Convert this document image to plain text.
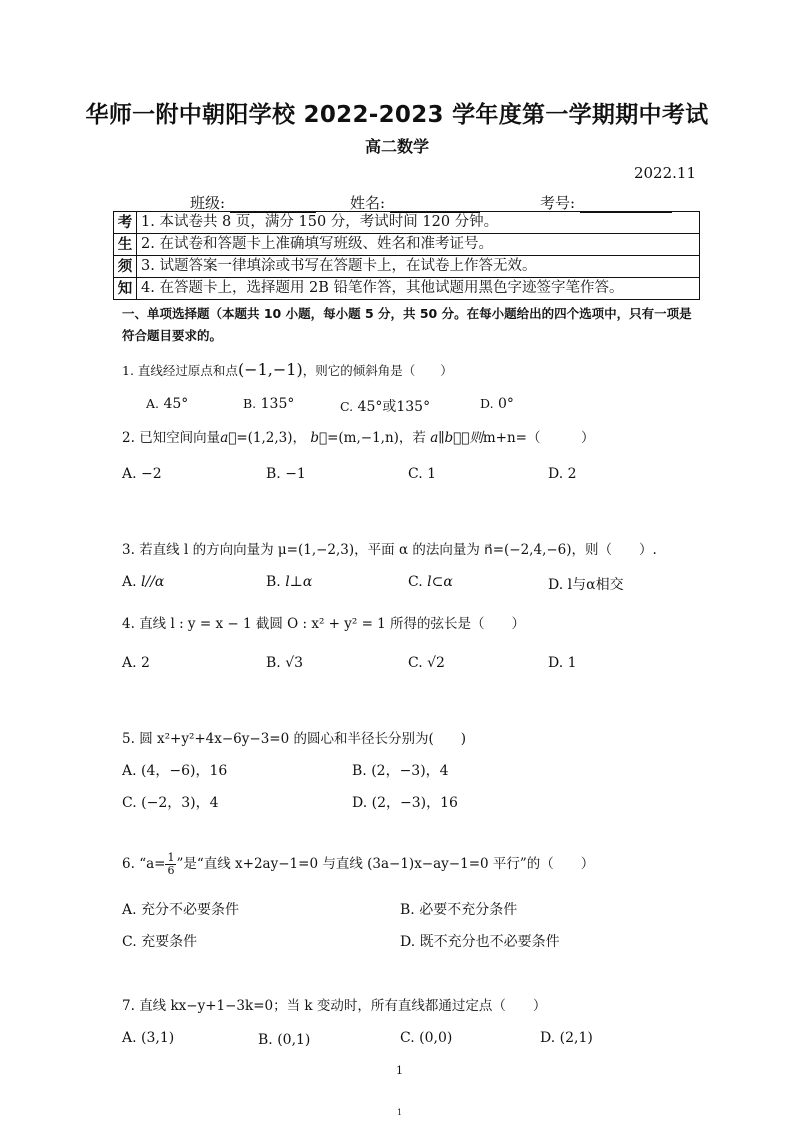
华师一附中朝阳学校 2022-2023 学年度第一学期期中考试
高二数学
2022.11
班级:	姓名:	考号:
考	1. 本试卷共 8 页，满分 150 分，考试时间 120 分钟。
生	2. 在试卷和答题卡上准确填写班级、姓名和准考证号。
须	3. 试题答案一律填涂或书写在答题卡上，在试卷上作答无效。
知	4. 在答题卡上，选择题用 2B 铅笔作答，其他试题用黑色字迹签字笔作答。
一、单项选择题（本题共 10 小题，每小题 5 分，共 50 分。在每小题给出的四个选项中，只有一项是符合题目要求的。
1. 直线经过原点和点(−1,−1)，则它的倾斜角是（　　）
A. 45°	B. 135°	C. 45°或135°	D. 0°
2. 已知空间向量a⃗=(1,2,3)， b⃗=(m,−1,n)，若 a∥b⃗，则m+n=（　　　）
A. −2	B. −1	C. 1	D. 2
3. 若直线 l 的方向向量为 μ=(1,−2,3)，平面 α 的法向量为 n⃗=(−2,4,−6)，则（　　）.
A. l//α	B. l⊥α	C. l⊂α	D. l与α相交
4. 直线 l : y = x − 1 截圆 O : x² + y² = 1 所得的弦长是（　　）
A. 2	B. √3	C. √2	D. 1
5. 圆 x²+y²+4x−6y−3=0 的圆心和半径长分别为(　　)
A. (4，−6)，16	B. (2，−3)，4
C. (−2，3)，4	D. (2，−3)，16
6. “$a= \frac{1}{6}$ ”是“直线 x+2ay−1=0 与直线 (3a−1)x−ay−1=0 平行”的（　　）
A. 充分不必要条件	B. 必要不充分条件
C. 充要条件	D. 既不充分也不必要条件
7. 直线 kx−y+1−3k=0；当 k 变动时，所有直线都通过定点（　　）
A. (3,1)	B. (0,1)	C. (0,0)	D. (2,1)
1
1
